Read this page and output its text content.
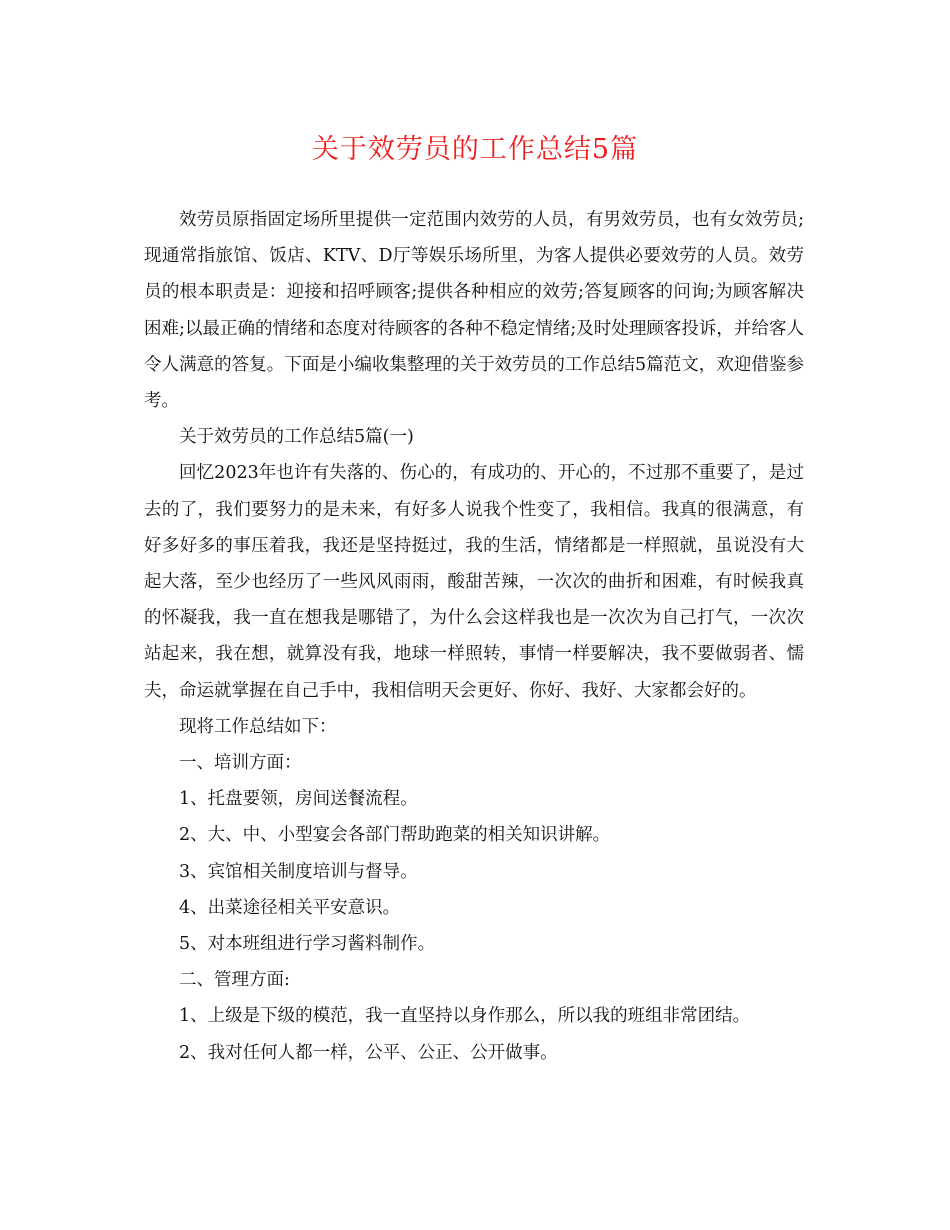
关于效劳员的工作总结5篇

效劳员原指固定场所里提供一定范围内效劳的人员，有男效劳员，也有女效劳员;现通常指旅馆、饭店、KTV、D厅等娱乐场所里，为客人提供必要效劳的人员。效劳员的根本职责是：迎接和招呼顾客;提供各种相应的效劳;答复顾客的问询;为顾客解决困难;以最正确的情绪和态度对待顾客的各种不稳定情绪;及时处理顾客投诉，并给客人令人满意的答复。下面是小编收集整理的关于效劳员的工作总结5篇范文，欢迎借鉴参考。

关于效劳员的工作总结5篇(一)

回忆2023年也许有失落的、伤心的，有成功的、开心的，不过那不重要了，是过去的了，我们要努力的是未来，有好多人说我个性变了，我相信。我真的很满意，有好多好多的事压着我，我还是坚持挺过，我的生活，情绪都是一样照就，虽说没有大起大落，至少也经历了一些风风雨雨，酸甜苦辣，一次次的曲折和困难，有时候我真的怀凝我，我一直在想我是哪错了，为什么会这样我也是一次次为自己打气，一次次站起来，我在想，就算没有我，地球一样照转，事情一样要解决，我不要做弱者、懦夫，命运就掌握在自己手中，我相信明天会更好、你好、我好、大家都会好的。

现将工作总结如下：

一、培训方面：

1、托盘要领，房间送餐流程。

2、大、中、小型宴会各部门帮助跑菜的相关知识讲解。

3、宾馆相关制度培训与督导。

4、出菜途径相关平安意识。

5、对本班组进行学习酱料制作。

二、管理方面:

1、上级是下级的模范，我一直坚持以身作那么，所以我的班组非常团结。

2、我对任何人都一样，公平、公正、公开做事。
